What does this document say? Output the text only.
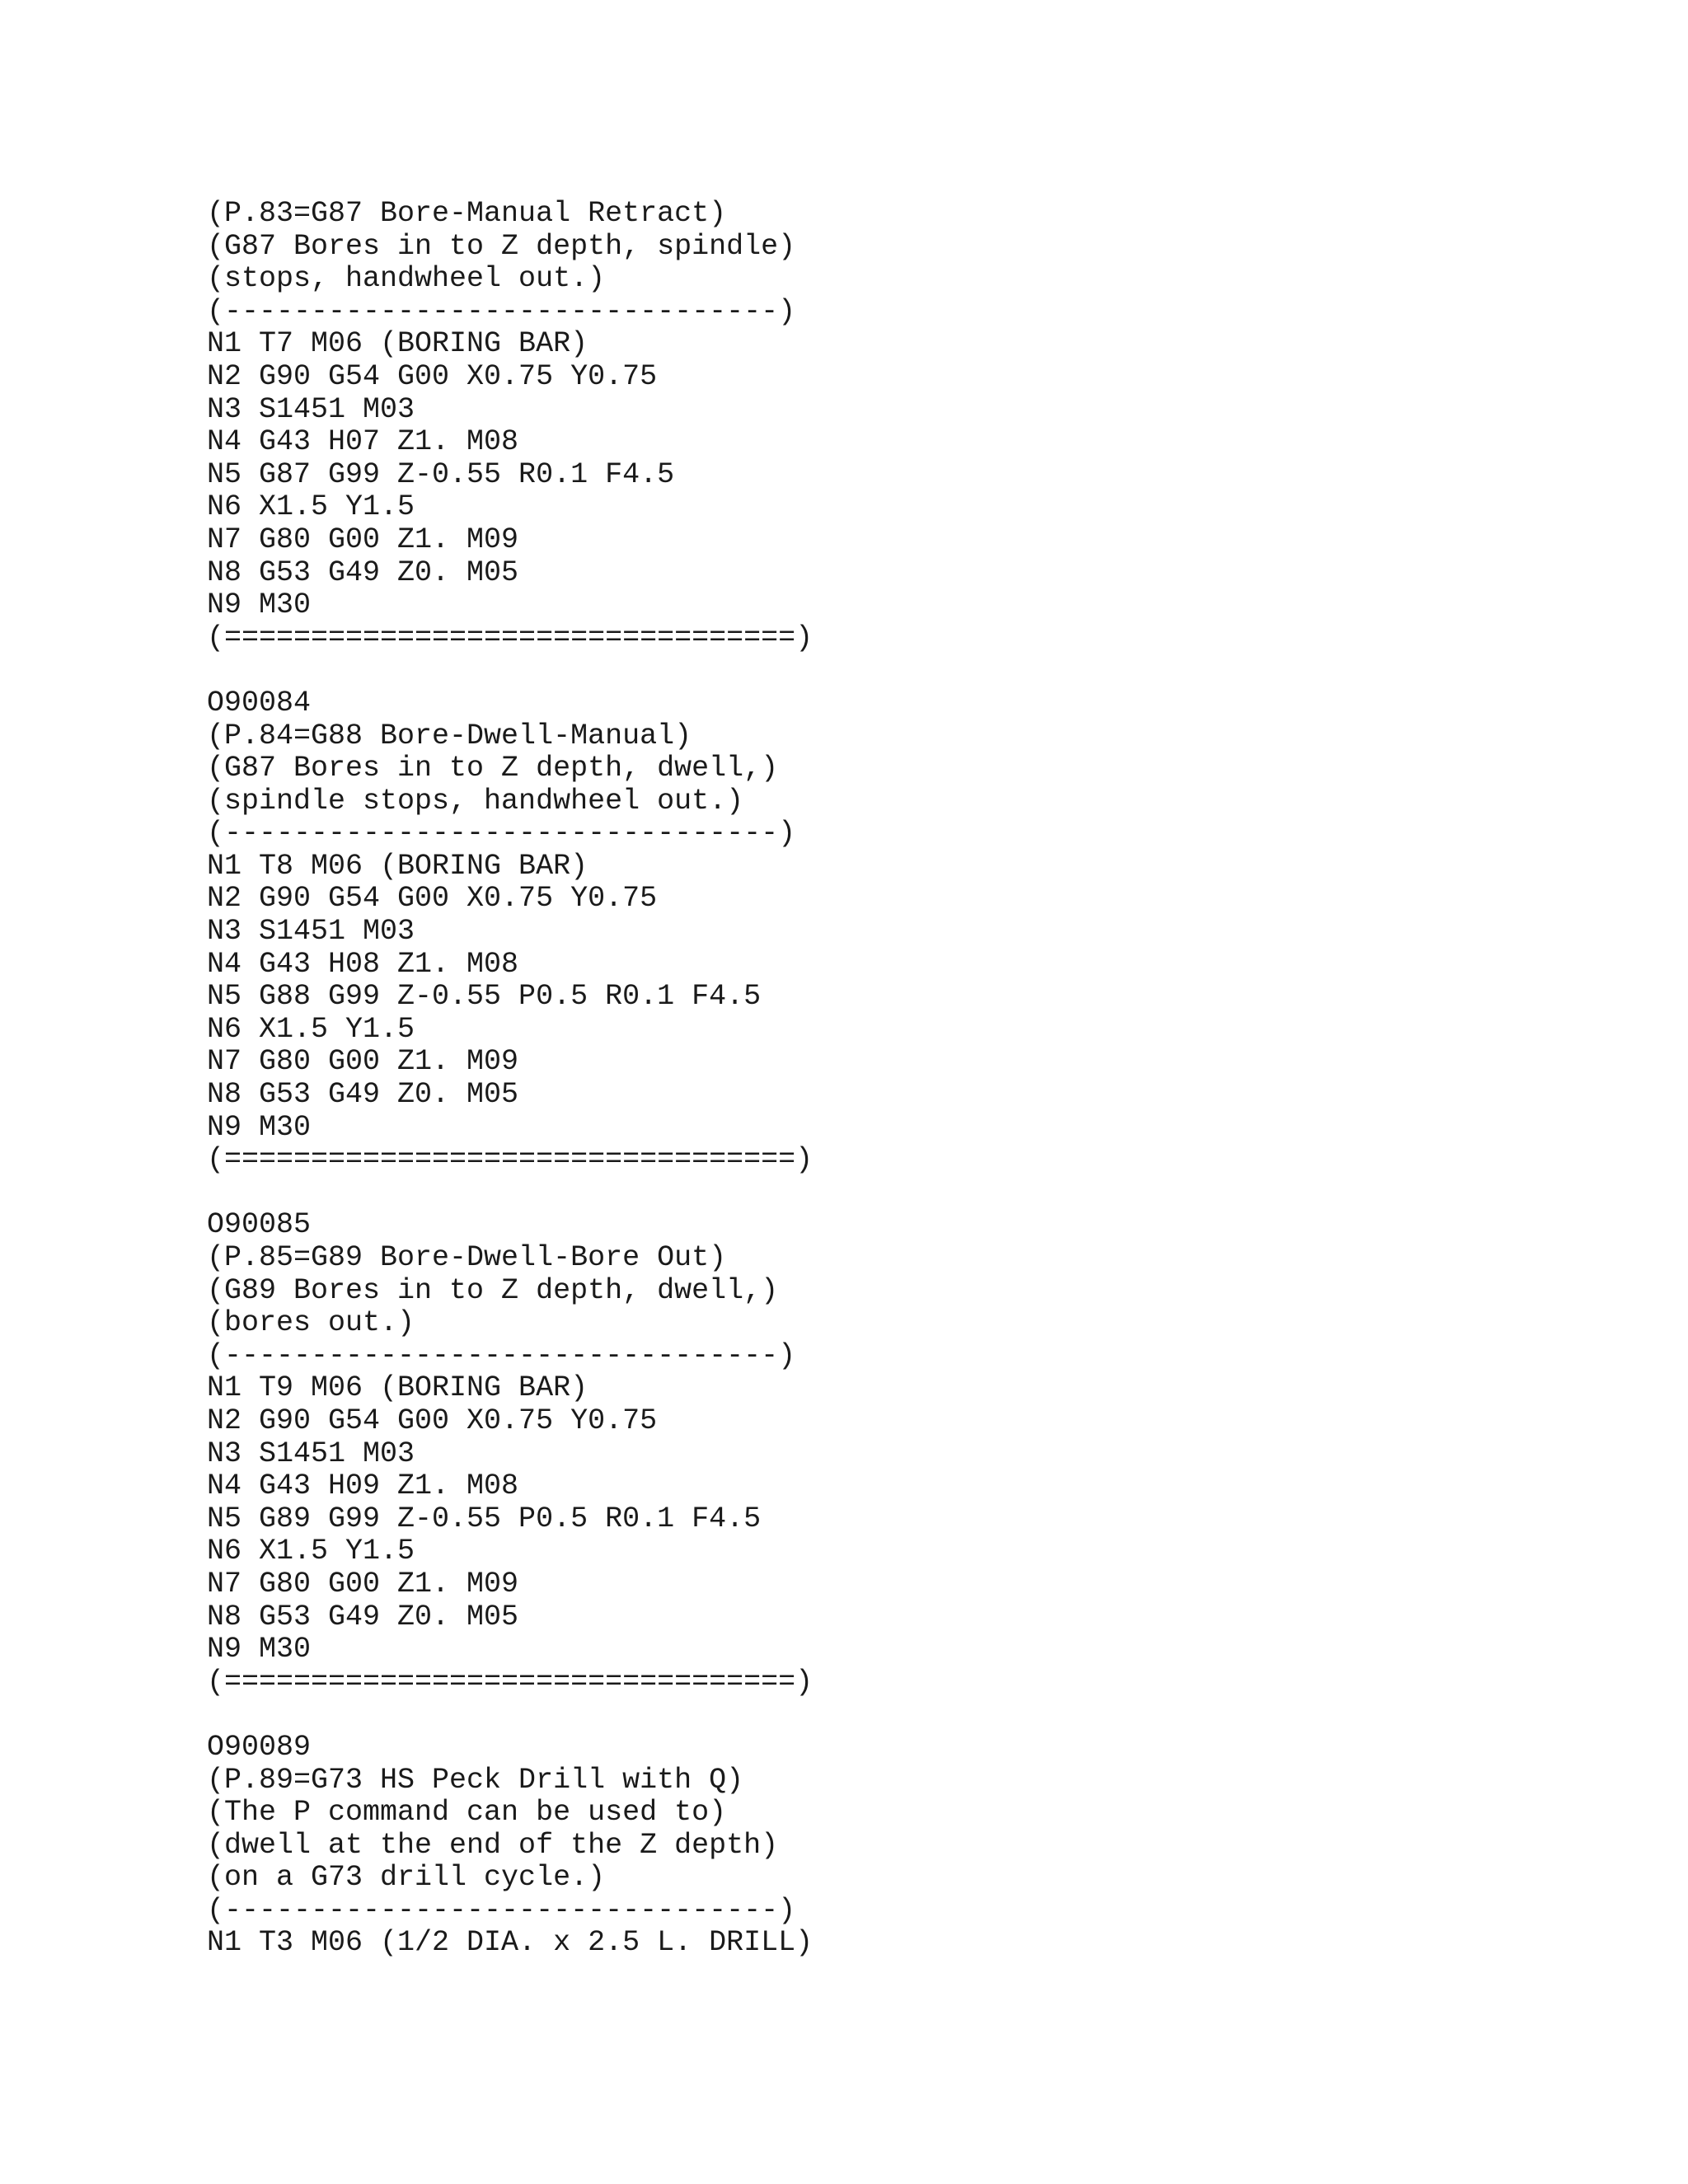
(P.83=G87 Bore-Manual Retract)
(G87 Bores in to Z depth, spindle)
(stops, handwheel out.)
(--------------------------------)
N1 T7 M06 (BORING BAR)
N2 G90 G54 G00 X0.75 Y0.75
N3 S1451 M03
N4 G43 H07 Z1. M08
N5 G87 G99 Z-0.55 R0.1 F4.5
N6 X1.5 Y1.5
N7 G80 G00 Z1. M09
N8 G53 G49 Z0. M05
N9 M30
(=================================)
O90084
(P.84=G88 Bore-Dwell-Manual)
(G87 Bores in to Z depth, dwell,)
(spindle stops, handwheel out.)
(--------------------------------)
N1 T8 M06 (BORING BAR)
N2 G90 G54 G00 X0.75 Y0.75
N3 S1451 M03
N4 G43 H08 Z1. M08
N5 G88 G99 Z-0.55 P0.5 R0.1 F4.5
N6 X1.5 Y1.5
N7 G80 G00 Z1. M09
N8 G53 G49 Z0. M05
N9 M30
(=================================)
O90085
(P.85=G89 Bore-Dwell-Bore Out)
(G89 Bores in to Z depth, dwell,)
(bores out.)
(--------------------------------)
N1 T9 M06 (BORING BAR)
N2 G90 G54 G00 X0.75 Y0.75
N3 S1451 M03
N4 G43 H09 Z1. M08
N5 G89 G99 Z-0.55 P0.5 R0.1 F4.5
N6 X1.5 Y1.5
N7 G80 G00 Z1. M09
N8 G53 G49 Z0. M05
N9 M30
(=================================)
O90089
(P.89=G73 HS Peck Drill with Q)
(The P command can be used to)
(dwell at the end of the Z depth)
(on a G73 drill cycle.)
(--------------------------------)
N1 T3 M06 (1/2 DIA. x 2.5 L. DRILL)
